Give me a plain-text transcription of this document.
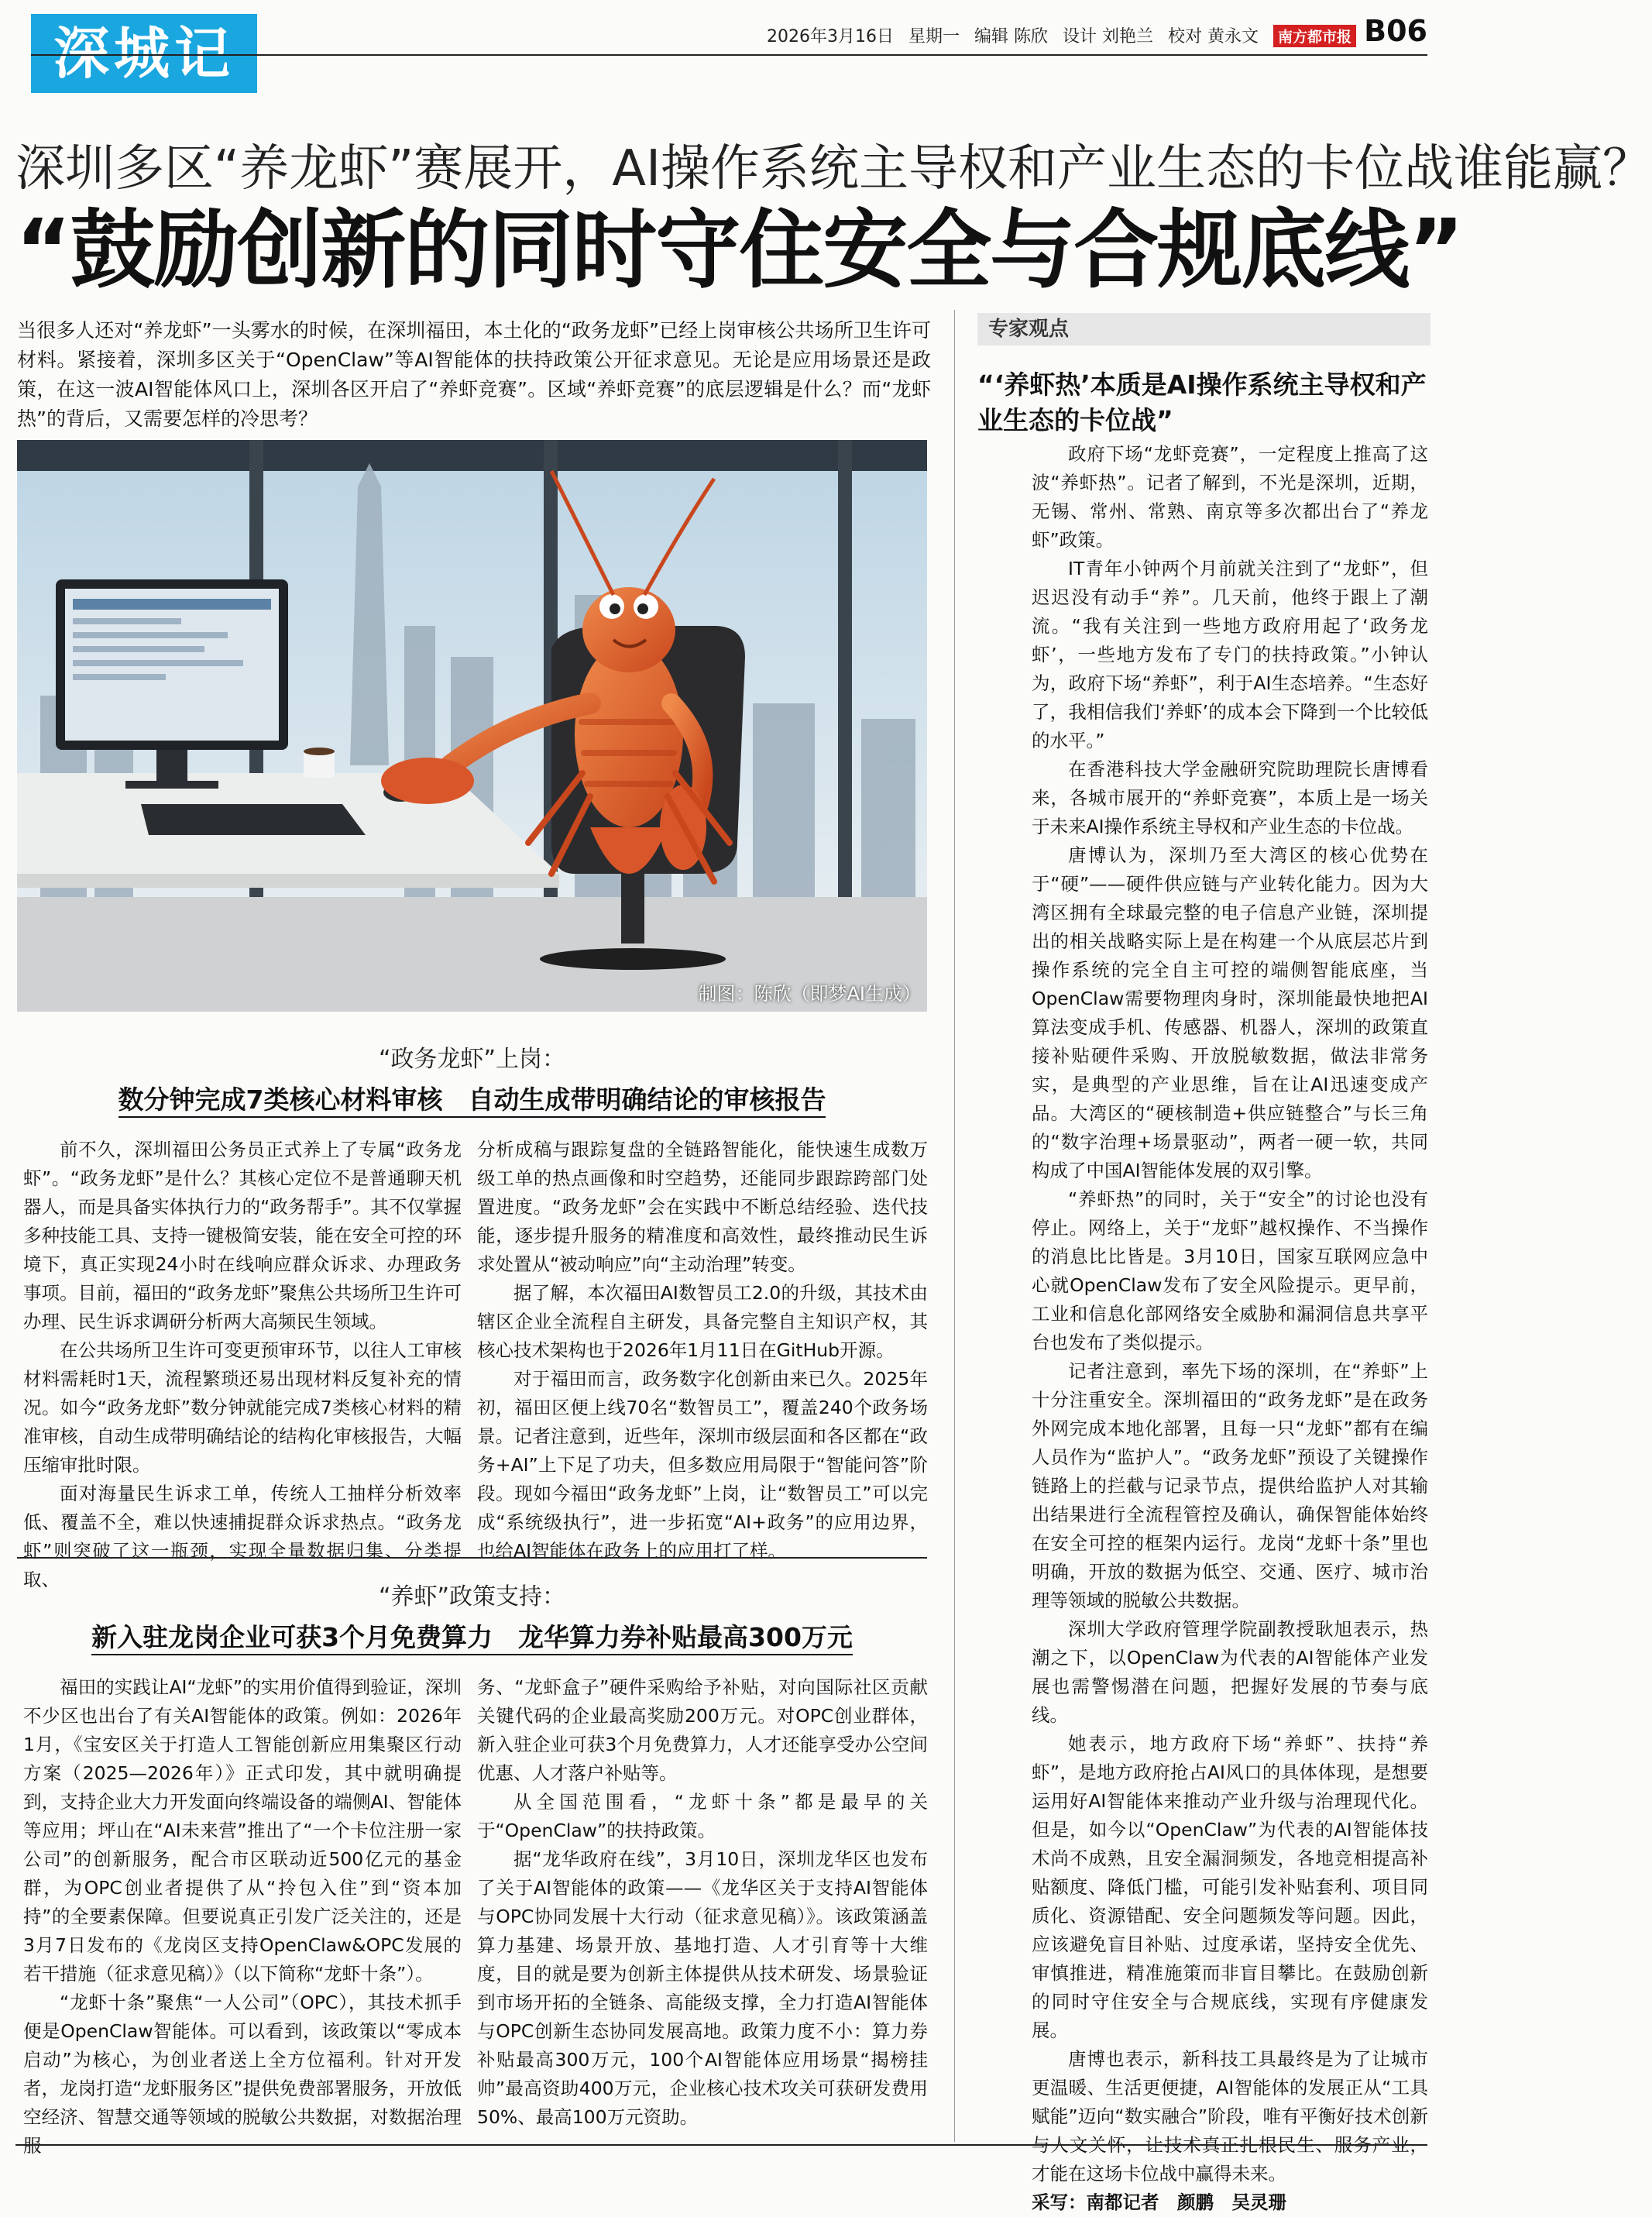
深城记	2026年3月16日 星期一 编辑 陈欣 设计 刘艳兰 校对 黄永文 南方都市报 B06
深圳多区“养龙虾”赛展开，AI操作系统主导权和产业生态的卡位战谁能赢？
“鼓励创新的同时守住安全与合规底线”
当很多人还对“养龙虾”一头雾水的时候，在深圳福田，本土化的“政务龙虾”已经上岗审核公共场所卫生许可材料。紧接着，深圳多区关于“OpenClaw”等AI智能体的扶持政策公开征求意见。无论是应用场景还是政策，在这一波AI智能体风口上，深圳各区开启了“养虾竞赛”。区域“养虾竞赛”的底层逻辑是什么？而“龙虾热”的背后，又需要怎样的冷思考？
制图：陈欣（即梦AI生成）
“政务龙虾”上岗：
数分钟完成7类核心材料审核　自动生成带明确结论的审核报告

前不久，深圳福田公务员正式养上了专属“政务龙虾”。“政务龙虾”是什么？其核心定位不是普通聊天机器人，而是具备实体执行力的“政务帮手”。其不仅掌握多种技能工具、支持一键极简安装，能在安全可控的环境下，真正实现24小时在线响应群众诉求、办理政务事项。目前，福田的“政务龙虾”聚焦公共场所卫生许可办理、民生诉求调研分析两大高频民生领域。

在公共场所卫生许可变更预审环节，以往人工审核材料需耗时1天，流程繁琐还易出现材料反复补充的情况。如今“政务龙虾”数分钟就能完成7类核心材料的精准审核，自动生成带明确结论的结构化审核报告，大幅压缩审批时限。

面对海量民生诉求工单，传统人工抽样分析效率低、覆盖不全，难以快速捕捉群众诉求热点。“政务龙虾”则突破了这一瓶颈，实现全量数据归集、分类提取、

分析成稿与跟踪复盘的全链路智能化，能快速生成数万级工单的热点画像和时空趋势，还能同步跟踪跨部门处置进度。“政务龙虾”会在实践中不断总结经验、迭代技能，逐步提升服务的精准度和高效性，最终推动民生诉求处置从“被动响应”向“主动治理”转变。

据了解，本次福田AI数智员工2.0的升级，其技术由辖区企业全流程自主研发，具备完整自主知识产权，其核心技术架构也于2026年1月11日在GitHub开源。

对于福田而言，政务数字化创新由来已久。2025年初，福田区便上线70名“数智员工”，覆盖240个政务场景。记者注意到，近些年，深圳市级层面和各区都在“政务+AI”上下足了功夫，但多数应用局限于“智能问答”阶段。现如今福田“政务龙虾”上岗，让“数智员工”可以完成“系统级执行”，进一步拓宽“AI+政务”的应用边界，也给AI智能体在政务上的应用打了样。

“养虾”政策支持：
新入驻龙岗企业可获3个月免费算力　龙华算力券补贴最高300万元

福田的实践让AI“龙虾”的实用价值得到验证，深圳不少区也出台了有关AI智能体的政策。例如：2026年1月，《宝安区关于打造人工智能创新应用集聚区行动方案（2025—2026年）》正式印发，其中就明确提到，支持企业大力开发面向终端设备的端侧AI、智能体等应用；坪山在“AI未来营”推出了“一个卡位注册一家公司”的创新服务，配合市区联动近500亿元的基金群，为OPC创业者提供了从“拎包入住”到“资本加持”的全要素保障。但要说真正引发广泛关注的，还是3月7日发布的《龙岗区支持OpenClaw&OPC发展的若干措施（征求意见稿）》（以下简称“龙虾十条”）。

“龙虾十条”聚焦“一人公司”（OPC），其技术抓手便是OpenClaw智能体。可以看到，该政策以“零成本启动”为核心，为创业者送上全方位福利。针对开发者，龙岗打造“龙虾服务区”提供免费部署服务，开放低空经济、智慧交通等领域的脱敏公共数据，对数据治理服

务、“龙虾盒子”硬件采购给予补贴，对向国际社区贡献关键代码的企业最高奖励200万元。对OPC创业群体，新入驻企业可获3个月免费算力，人才还能享受办公空间优惠、人才落户补贴等。

从全国范围看，“龙虾十条”都是最早的关于“OpenClaw”的扶持政策。

据“龙华政府在线”，3月10日，深圳龙华区也发布了关于AI智能体的政策——《龙华区关于支持AI智能体与OPC协同发展十大行动（征求意见稿）》。该政策涵盖算力基建、场景开放、基地打造、人才引育等十大维度，目的就是要为创新主体提供从技术研发、场景验证到市场开拓的全链条、高能级支撑，全力打造AI智能体与OPC创新生态协同发展高地。政策力度不小：算力券补贴最高300万元，100个AI智能体应用场景“揭榜挂帅”最高资助400万元，企业核心技术攻关可获研发费用50%、最高100万元资助。

专家观点
“‘养虾热’本质是AI操作系统主导权和产业生态的卡位战”

政府下场“龙虾竞赛”，一定程度上推高了这波“养虾热”。记者了解到，不光是深圳，近期，无锡、常州、常熟、南京等多次都出台了“养龙虾”政策。

IT青年小钟两个月前就关注到了“龙虾”，但迟迟没有动手“养”。几天前，他终于跟上了潮流。“我有关注到一些地方政府用起了‘政务龙虾’，一些地方发布了专门的扶持政策。”小钟认为，政府下场“养虾”，利于AI生态培养。“生态好了，我相信我们‘养虾’的成本会下降到一个比较低的水平。”

在香港科技大学金融研究院助理院长唐博看来，各城市展开的“养虾竞赛”，本质上是一场关于未来AI操作系统主导权和产业生态的卡位战。

唐博认为，深圳乃至大湾区的核心优势在于“硬”——硬件供应链与产业转化能力。因为大湾区拥有全球最完整的电子信息产业链，深圳提出的相关战略实际上是在构建一个从底层芯片到操作系统的完全自主可控的端侧智能底座，当OpenClaw需要物理肉身时，深圳能最快地把AI算法变成手机、传感器、机器人，深圳的政策直接补贴硬件采购、开放脱敏数据，做法非常务实，是典型的产业思维，旨在让AI迅速变成产品。大湾区的“硬核制造+供应链整合”与长三角的“数字治理+场景驱动”，两者一硬一软，共同构成了中国AI智能体发展的双引擎。

“养虾热”的同时，关于“安全”的讨论也没有停止。网络上，关于“龙虾”越权操作、不当操作的消息比比皆是。3月10日，国家互联网应急中心就OpenClaw发布了安全风险提示。更早前，工业和信息化部网络安全威胁和漏洞信息共享平台也发布了类似提示。

记者注意到，率先下场的深圳，在“养虾”上十分注重安全。深圳福田的“政务龙虾”是在政务外网完成本地化部署，且每一只“龙虾”都有在编人员作为“监护人”。“政务龙虾”预设了关键操作链路上的拦截与记录节点，提供给监护人对其输出结果进行全流程管控及确认，确保智能体始终在安全可控的框架内运行。龙岗“龙虾十条”里也明确，开放的数据为低空、交通、医疗、城市治理等领域的脱敏公共数据。

深圳大学政府管理学院副教授耿旭表示，热潮之下，以OpenClaw为代表的AI智能体产业发展也需警惕潜在问题，把握好发展的节奏与底线。

她表示，地方政府下场“养虾”、扶持“养虾”，是地方政府抢占AI风口的具体体现，是想要运用好AI智能体来推动产业升级与治理现代化。但是，如今以“OpenClaw”为代表的AI智能体技术尚不成熟，且安全漏洞频发，各地竞相提高补贴额度、降低门槛，可能引发补贴套利、项目同质化、资源错配、安全问题频发等问题。因此，应该避免盲目补贴、过度承诺，坚持安全优先、审慎推进，精准施策而非盲目攀比。在鼓励创新的同时守住安全与合规底线，实现有序健康发展。

唐博也表示，新科技工具最终是为了让城市更温暖、生活更便捷，AI智能体的发展正从“工具赋能”迈向“数实融合”阶段，唯有平衡好技术创新与人文关怀，让技术真正扎根民生、服务产业，才能在这场卡位战中赢得未来。

采写：南都记者　颜鹏　吴灵珊
